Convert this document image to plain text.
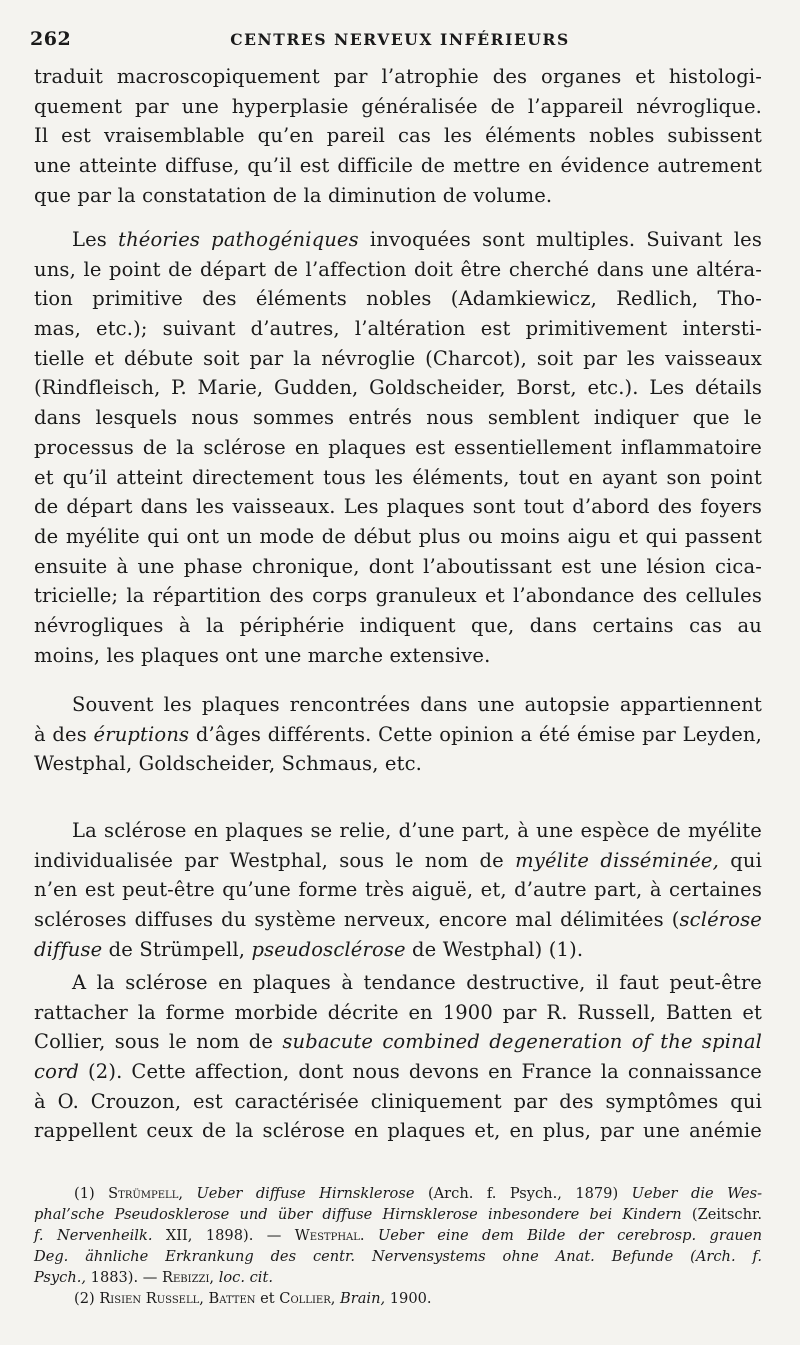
262	CENTRES NERVEUX INFÉRIEURS
traduit macroscopiquement par l’atrophie des organes et histologi-
quement par une hyperplasie généralisée de l’appareil névroglique.
Il est vraisemblable qu’en pareil cas les éléments nobles subissent
une atteinte diffuse, qu’il est difficile de mettre en évidence autrement
que par la constatation de la diminution de volume.
Les théories pathogéniques invoquées sont multiples. Suivant les
uns, le point de départ de l’affection doit être cherché dans une altéra-
tion primitive des éléments nobles (Adamkiewicz, Redlich, Tho-
mas, etc.); suivant d’autres, l’altération est primitivement intersti-
tielle et débute soit par la névroglie (Charcot), soit par les vaisseaux
(Rindfleisch, P. Marie, Gudden, Goldscheider, Borst, etc.). Les détails
dans lesquels nous sommes entrés nous semblent indiquer que le
processus de la sclérose en plaques est essentiellement inflammatoire
et qu’il atteint directement tous les éléments, tout en ayant son point
de départ dans les vaisseaux. Les plaques sont tout d’abord des foyers
de myélite qui ont un mode de début plus ou moins aigu et qui passent
ensuite à une phase chronique, dont l’aboutissant est une lésion cica-
tricielle; la répartition des corps granuleux et l’abondance des cellules
névrogliques à la périphérie indiquent que, dans certains cas au
moins, les plaques ont une marche extensive.
Souvent les plaques rencontrées dans une autopsie appartiennent
à des éruptions d’âges différents. Cette opinion a été émise par Leyden,
Westphal, Goldscheider, Schmaus, etc.
La sclérose en plaques se relie, d’une part, à une espèce de myélite
individualisée par Westphal, sous le nom de myélite disséminée, qui
n’en est peut-être qu’une forme très aiguë, et, d’autre part, à certaines
scléroses diffuses du système nerveux, encore mal délimitées (sclérose
diffuse de Strümpell, pseudosclérose de Westphal) (1).
A la sclérose en plaques à tendance destructive, il faut peut-être
rattacher la forme morbide décrite en 1900 par R. Russell, Batten et
Collier, sous le nom de subacute combined degeneration of the spinal
cord (2). Cette affection, dont nous devons en France la connaissance
à O. Crouzon, est caractérisée cliniquement par des symptômes qui
rappellent ceux de la sclérose en plaques et, en plus, par une anémie
(1) Strümpell, Ueber diffuse Hirnsklerose (Arch. f. Psych., 1879) Ueber die Wes-
phal’sche Pseudosklerose und über diffuse Hirnsklerose inbesondere bei Kindern (Zeitschr.
f. Nervenheilk. XII, 1898). — Westphal. Ueber eine dem Bilde der cerebrosp. grauen
Deg. ähnliche Erkrankung des centr. Nervensystems ohne Anat. Befunde (Arch. f.
Psych., 1883). — Rebizzi, loc. cit.
(2) Risien Russell, Batten et Collier, Brain, 1900.
